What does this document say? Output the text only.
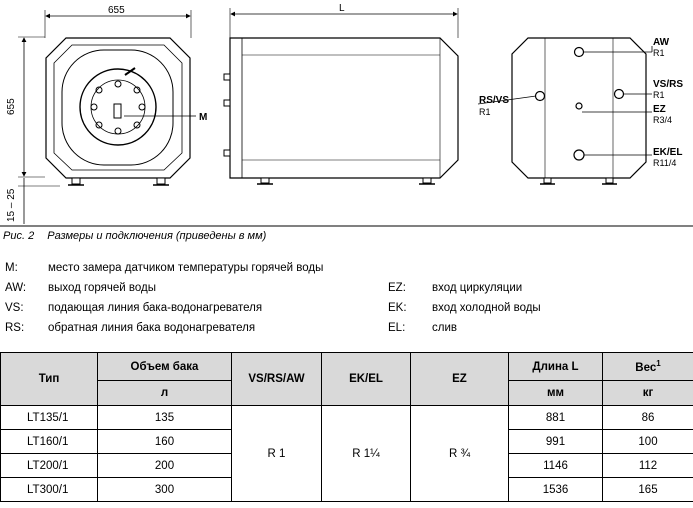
655
655
15 – 25
M
L
AW
R1
VS/RS
R1
EZ
R3/4
EK/EL
R11/4
RS/VS
R1
Рис. 2 Размеры и подключения (приведены в мм)
M:	место замера датчиком температуры горячей воды
AW: выход горячей воды
VS: подающая линия бака-водонагревателя
RS: обратная линия бака водонагревателя
EZ: вход циркуляции
EK: вход холодной воды
EL: слив
Тип	Объем бака	VS/RS/AW	EK/EL	EZ	Длина L	Вес$^1$
	л				мм	кг
LT135/1	135	R 1	R 1¼	R ¾	881	86
LT160/1	160				991	100
LT200/1	200				1146	112
LT300/1	300				1536	165
